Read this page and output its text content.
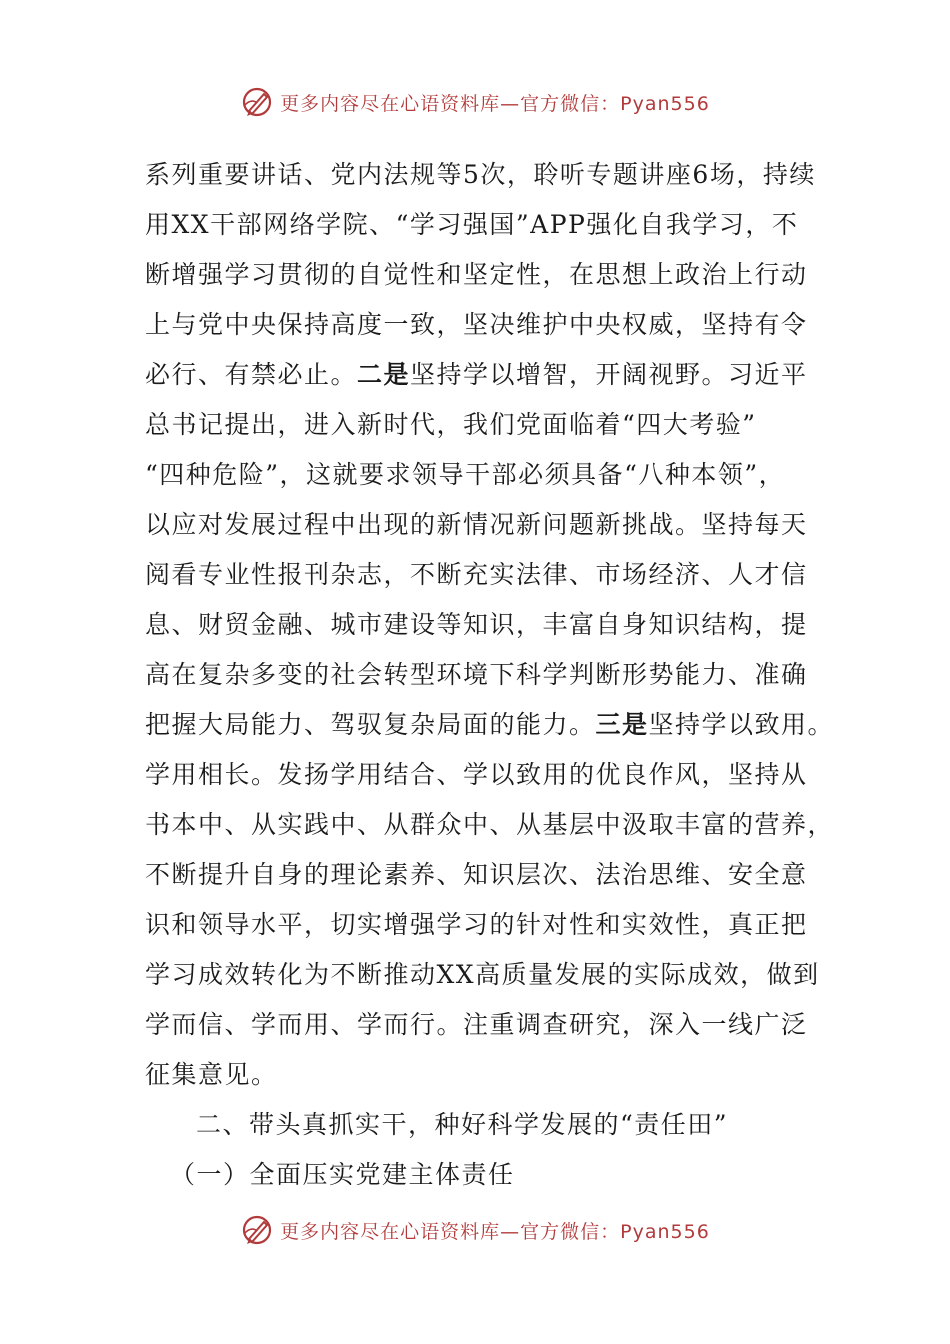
更多内容尽在心语资料库—官方微信：Pyan556
系列重要讲话、党内法规等5次，聆听专题讲座6场，持续
用XX干部网络学院、“学习强国”APP强化自我学习，不
断增强学习贯彻的自觉性和坚定性，在思想上政治上行动
上与党中央保持高度一致，坚决维护中央权威，坚持有令
必行、有禁必止。二是坚持学以增智，开阔视野。习近平
总书记提出，进入新时代，我们党面临着“四大考验”
“四种危险”，这就要求领导干部必须具备“八种本领”，
以应对发展过程中出现的新情况新问题新挑战。坚持每天
阅看专业性报刊杂志，不断充实法律、市场经济、人才信
息、财贸金融、城市建设等知识，丰富自身知识结构，提
高在复杂多变的社会转型环境下科学判断形势能力、准确
把握大局能力、驾驭复杂局面的能力。三是坚持学以致用。
学用相长。发扬学用结合、学以致用的优良作风，坚持从
书本中、从实践中、从群众中、从基层中汲取丰富的营养，
不断提升自身的理论素养、知识层次、法治思维、安全意
识和领导水平，切实增强学习的针对性和实效性，真正把
学习成效转化为不断推动XX高质量发展的实际成效，做到
学而信、学而用、学而行。注重调查研究，深入一线广泛
征集意见。
二、带头真抓实干，种好科学发展的“责任田”
（一）全面压实党建主体责任
更多内容尽在心语资料库—官方微信：Pyan556
